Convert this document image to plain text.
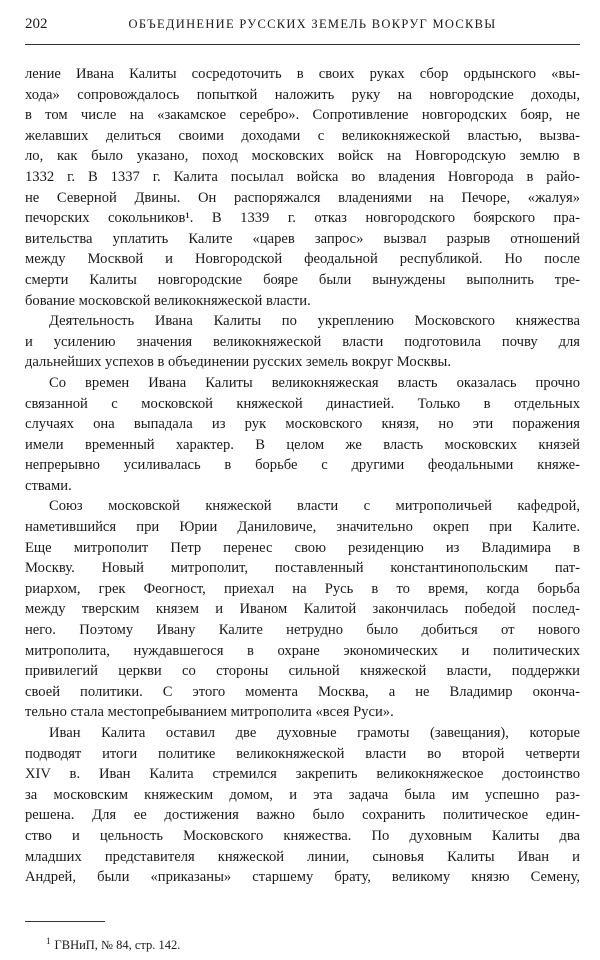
202	ОБЪЕДИНЕНИЕ РУССКИХ ЗЕМЕЛЬ ВОКРУГ МОСКВЫ
ление Ивана Калиты сосредоточить в своих руках сбор ордынского «вы-
хода» сопровождалось попыткой наложить руку на новгородские доходы,
в том числе на «закамское серебро». Сопротивление новгородских бояр, не
желавших делиться своими доходами с великокняжеской властью, вызва-
ло, как было указано, поход московских войск на Новгородскую землю в
1332 г. В 1337 г. Калита посылал войска во владения Новгорода в райо-
не Северной Двины. Он распоряжался владениями на Печоре, «жалуя»
печорских сокольников¹. В 1339 г. отказ новгородского боярского пра-
вительства уплатить Калите «царев запрос» вызвал разрыв отношений
между Москвой и Новгородской феодальной республикой. Но после
смерти Калиты новгородские бояре были вынуждены выполнить тре-
бование московской великокняжеской власти.
Деятельность Ивана Калиты по укреплению Московского княжества
и усилению значения великокняжеской власти подготовила почву для
дальнейших успехов в объединении русских земель вокруг Москвы.
Со времен Ивана Калиты великокняжеская власть оказалась прочно
связанной с московской княжеской династией. Только в отдельных
случаях она выпадала из рук московского князя, но эти поражения
имели временный характер. В целом же власть московских князей
непрерывно усиливалась в борьбе с другими феодальными княже-
ствами.
Союз московской княжеской власти с митрополичьей кафедрой,
наметившийся при Юрии Даниловиче, значительно окреп при Калите.
Еще митрополит Петр перенес свою резиденцию из Владимира в
Москву. Новый митрополит, поставленный константинопольским пат-
риархом, грек Феогност, приехал на Русь в то время, когда борьба
между тверским князем и Иваном Калитой закончилась победой послед-
него. Поэтому Ивану Калите нетрудно было добиться от нового
митрополита, нуждавшегося в охране экономических и политических
привилегий церкви со стороны сильной княжеской власти, поддержки
своей политики. С этого момента Москва, а не Владимир оконча-
тельно стала местопребыванием митрополита «всея Руси».
Иван Калита оставил две духовные грамоты (завещания), которые
подводят итоги политике великокняжеской власти во второй четверти
XIV в. Иван Калита стремился закрепить великокняжеское достоинство
за московским княжеским домом, и эта задача была им успешно раз-
решена. Для ее достижения важно было сохранить политическое един-
ство и цельность Московского княжества. По духовным Калиты два
младших представителя княжеской линии, сыновья Калиты Иван и
Андрей, были «приказаны» старшему брату, великому князю Семену,
$^1$ ГВНиП, № 84, стр. 142.
